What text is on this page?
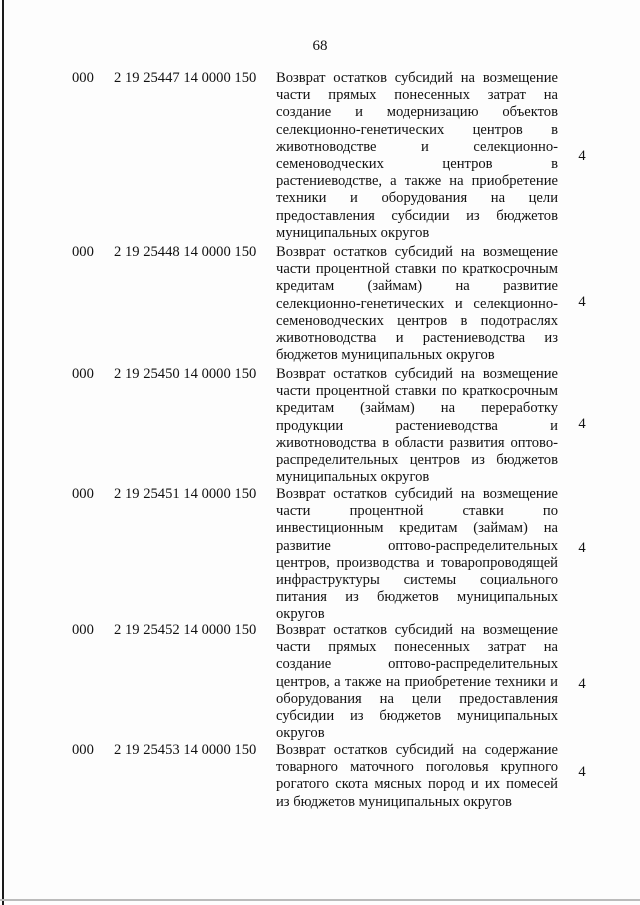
68
000	2 19 25447 14 0000 150	Возврат остатков субсидий на возмещение
части прямых понесенных затрат на
создание и модернизацию объектов
селекционно-генетических центров в
животноводстве и селекционно-
семеноводческих центров в
растениеводстве, а также на приобретение
техники и оборудования на цели
предоставления субсидии из бюджетов
муниципальных округов
4
000	2 19 25448 14 0000 150	Возврат остатков субсидий на возмещение
части процентной ставки по краткосрочным
кредитам (займам) на развитие
селекционно-генетических и селекционно-
семеноводческих центров в подотраслях
животноводства и растениеводства из
бюджетов муниципальных округов
4
000	2 19 25450 14 0000 150	Возврат остатков субсидий на возмещение
части процентной ставки по краткосрочным
кредитам (займам) на переработку
продукции растениеводства и
животноводства в области развития оптово-
распределительных центров из бюджетов
муниципальных округов
4
000	2 19 25451 14 0000 150	Возврат остатков субсидий на возмещение
части процентной ставки по
инвестиционным кредитам (займам) на
развитие оптово-распределительных
центров, производства и товаропроводящей
инфраструктуры системы социального
питания из бюджетов муниципальных
округов
4
000	2 19 25452 14 0000 150	Возврат остатков субсидий на возмещение
части прямых понесенных затрат на
создание оптово-распределительных
центров, а также на приобретение техники и
оборудования на цели предоставления
субсидии из бюджетов муниципальных
округов
4
000	2 19 25453 14 0000 150	Возврат остатков субсидий на содержание
товарного маточного поголовья крупного
рогатого скота мясных пород и их помесей
из бюджетов муниципальных округов
4
